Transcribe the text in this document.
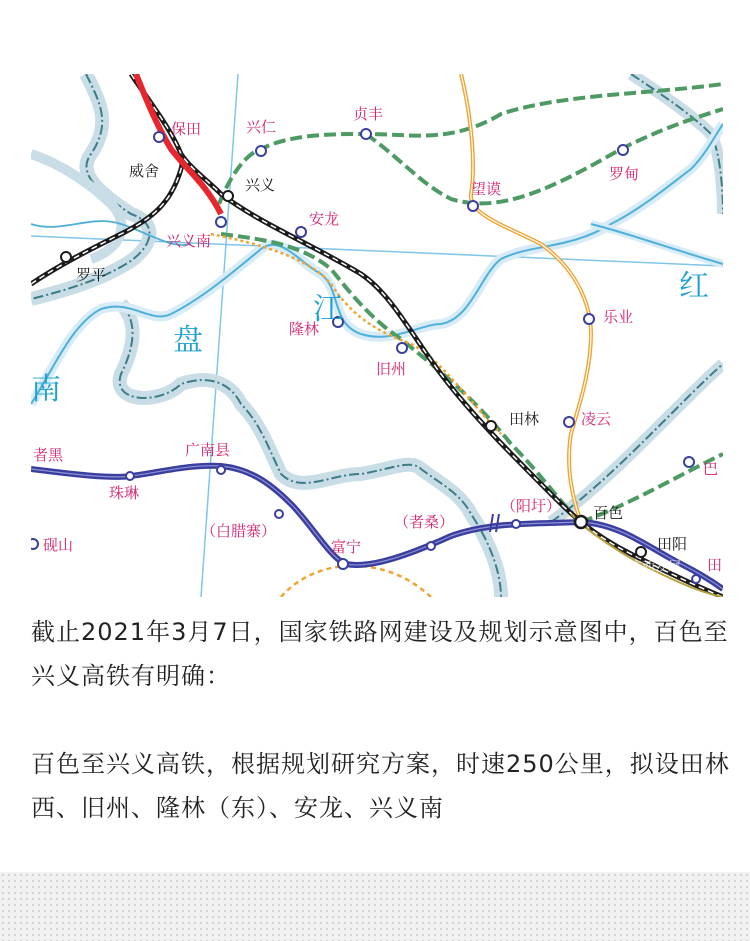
盘
江
红
南
保田	兴仁
贞丰
望谟
罗甸
兴义南
安龙
乐业
隆林
旧州
凌云
者黑	广南县
珠琳
（白腊寨）	（者桑）
（阳圩）
富宁
砚山
巴
田
威舍
兴义
罗平
田林
百色
田阳
广西发展

截止2021年3月7日，国家铁路网建设及规划示意图中，百色至兴义高铁有明确：

百色至兴义高铁，根据规划研究方案，时速250公里，拟设田林西、旧州、隆林（东）、安龙、兴义南
